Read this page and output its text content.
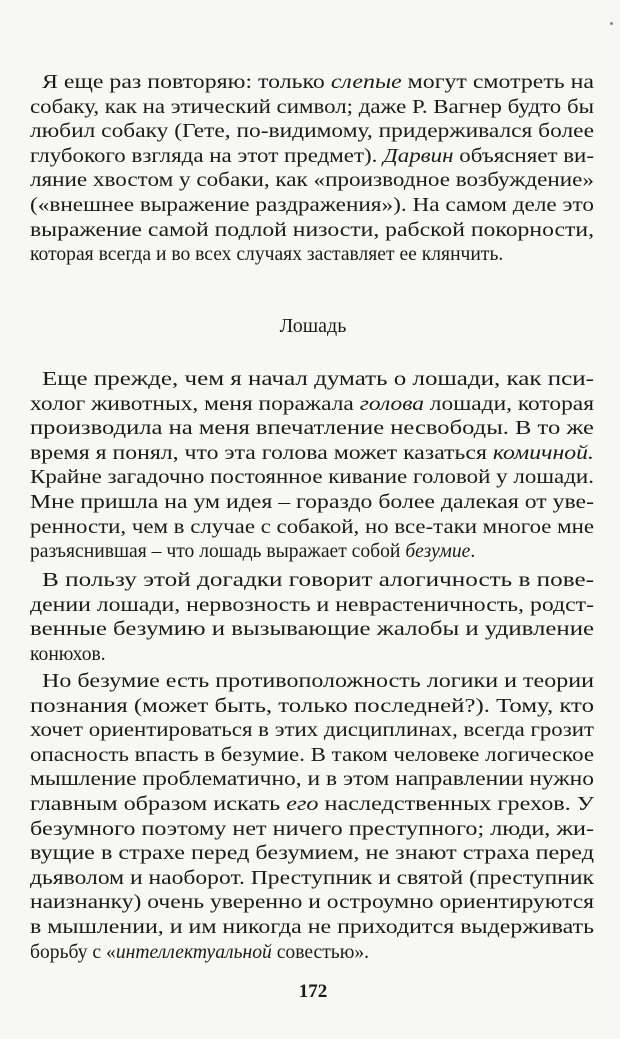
Я еще раз повторяю: только слепые могут смотреть на
собаку, как на этический символ; даже Р. Вагнер будто бы
любил собаку (Гете, по-видимому, придерживался более
глубокого взгляда на этот предмет). Дарвин объясняет ви-
ляние хвостом у собаки, как «производное возбуждение»
(«внешнее выражение раздражения»). На самом деле это
выражение самой подлой низости, рабской покорности,
которая всегда и во всех случаях заставляет ее клянчить.
Лошадь
Еще прежде, чем я начал думать о лошади, как пси-
холог животных, меня поражала голова лошади, которая
производила на меня впечатление несвободы. В то же
время я понял, что эта голова может казаться комичной.
Крайне загадочно постоянное кивание головой у лошади.
Мне пришла на ум идея – гораздо более далекая от уве-
ренности, чем в случае с собакой, но все-таки многое мне
разъяснившая – что лошадь выражает собой безумие.
В пользу этой догадки говорит алогичность в пове-
дении лошади, нервозность и неврастеничность, родст-
венные безумию и вызывающие жалобы и удивление
конюхов.
Но безумие есть противоположность логики и теории
познания (может быть, только последней?). Тому, кто
хочет ориентироваться в этих дисциплинах, всегда грозит
опасность впасть в безумие. В таком человеке логическое
мышление проблематично, и в этом направлении нужно
главным образом искать его наследственных грехов. У
безумного поэтому нет ничего преступного; люди, жи-
вущие в страхе перед безумием, не знают страха перед
дьяволом и наоборот. Преступник и святой (преступник
наизнанку) очень уверенно и остроумно ориентируются
в мышлении, и им никогда не приходится выдерживать
борьбу с «интеллектуальной совестью».
172
